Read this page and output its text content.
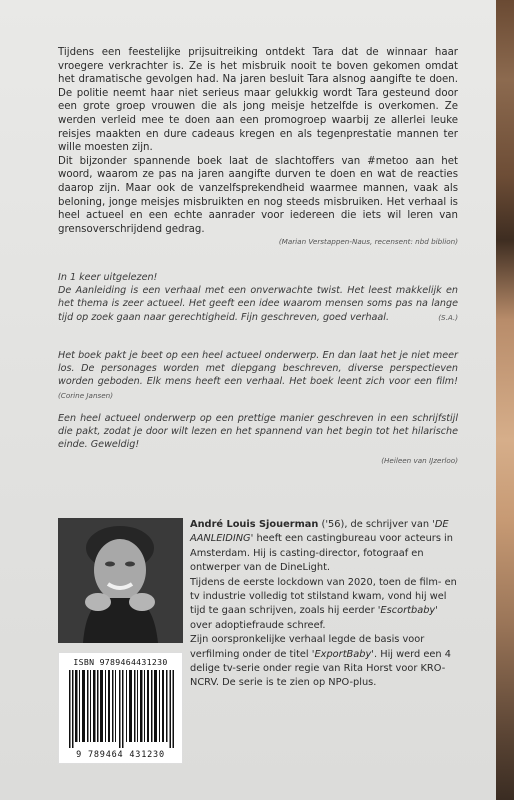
Tijdens een feestelijke prijsuitreiking ontdekt Tara dat de winnaar haar vroegere verkrachter is. Ze is het misbruik nooit te boven gekomen omdat het dramatische gevolgen had. Na jaren besluit Tara alsnog aangifte te doen. De politie neemt haar niet serieus maar gelukkig wordt Tara gesteund door een grote groep vrouwen die als jong meisje hetzelfde is overkomen. Ze werden verleid mee te doen aan een promogroep waarbij ze allerlei leuke reisjes maakten en dure cadeaus kregen en als tegenprestatie mannen ter wille moesten zijn.

Dit bijzonder spannende boek laat de slachtoffers van #metoo aan het woord, waarom ze pas na jaren aangifte durven te doen en wat de reacties daarop zijn. Maar ook de vanzelfsprekendheid waarmee mannen, vaak als beloning, jonge meisjes misbruikten en nog steeds misbruiken. Het verhaal is heel actueel en een echte aanrader voor iedereen die iets wil leren van grensoverschrijdend gedrag.

(Marian Verstappen-Naus, recensent: nbd biblion)

In 1 keer uitgelezen!
De Aanleiding is een verhaal met een onverwachte twist. Het leest makkelijk en het thema is zeer actueel. Het geeft een idee waarom mensen soms pas na lange tijd op zoek gaan naar gerechtigheid. Fijn geschreven, goed verhaal.	(S.A.)

Het boek pakt je beet op een heel actueel onderwerp. En dan laat het je niet meer los. De personages worden met diepgang beschreven, diverse perspectieven worden geboden. Elk mens heeft een verhaal. Het boek leent zich voor een film! (Corine Jansen)

Een heel actueel onderwerp op een prettige manier geschreven in een schrijfstijl die pakt, zodat je door wilt lezen en het spannend van het begin tot het hilarische einde. Geweldig!

(Heileen van IJzerloo)
ISBN 9789464431230
9 789464 431230

André Louis Sjouerman ('56), de schrijver van 'DE AANLEIDING' heeft een castingbureau voor acteurs in Amsterdam. Hij is casting-director, fotograaf en ontwerper van de DineLight.

Tijdens de eerste lockdown van 2020, toen de film- en tv industrie volledig tot stilstand kwam, vond hij wel tijd te gaan schrijven, zoals hij eerder 'Escortbaby' over adoptiefraude schreef.

Zijn oorspronkelijke verhaal legde de basis voor verfilming onder de titel 'ExportBaby'. Hij werd een 4 delige tv-serie onder regie van Rita Horst voor KRO-NCRV. De serie is te zien op NPO-plus.
